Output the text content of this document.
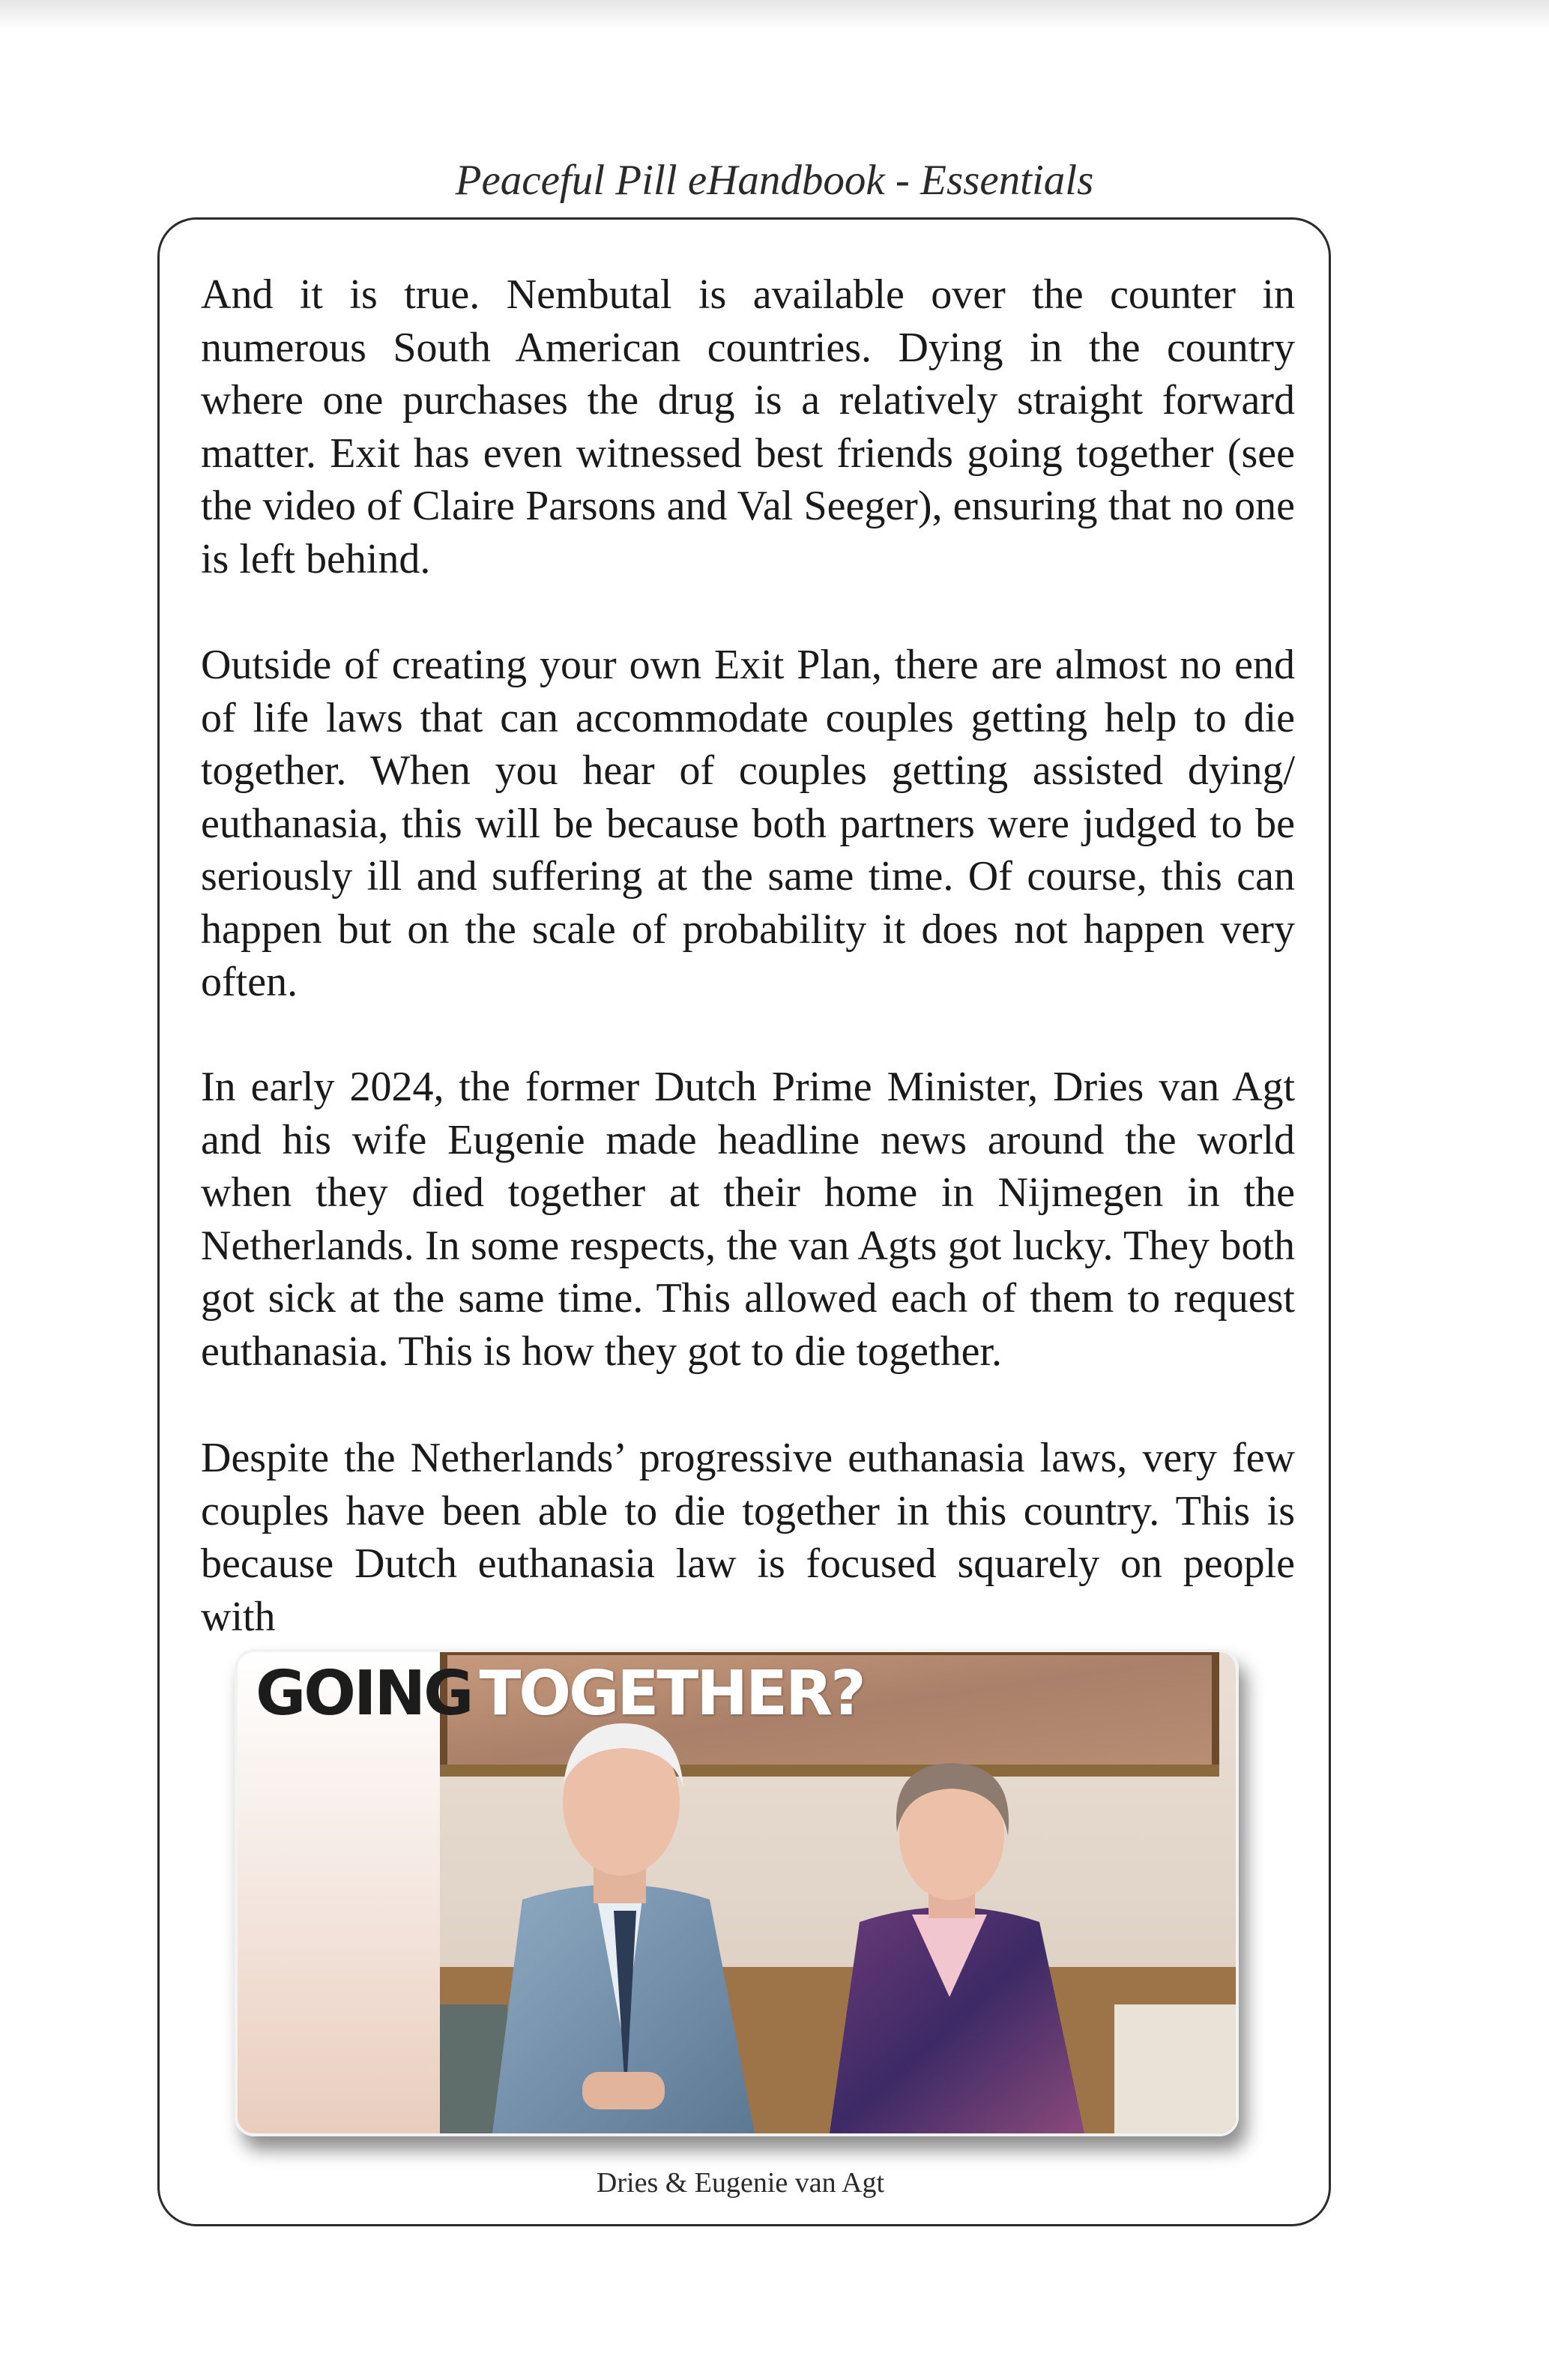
Peaceful Pill eHandbook - Essentials

And it is true. Nembutal is available over the counter in numerous South American countries. Dying in the country where one purchases the drug is a relatively straight forward matter. Exit has even witnessed best friends going together (see the video of Claire Parsons and Val Seeger), ensuring that no one is left behind.

Outside of creating your own Exit Plan, there are almost no end of life laws that can accommodate couples getting help to die together. When you hear of couples getting assisted dying/ euthanasia, this will be because both partners were judged to be seriously ill and suffering at the same time. Of course, this can happen but on the scale of probability it does not happen very often.

In early 2024, the former Dutch Prime Minister, Dries van Agt and his wife Eugenie made headline news around the world when they died together at their home in Nijmegen in the Netherlands. In some respects, the van Agts got lucky. They both got sick at the same time. This allowed each of them to request euthanasia. This is how they got to die together.

Despite the Netherlands’ progressive euthanasia laws, very few couples have been able to die together in this country. This is because Dutch euthanasia law is focused squarely on people with

GOING TOGETHER?
Dries & Eugenie van Agt
